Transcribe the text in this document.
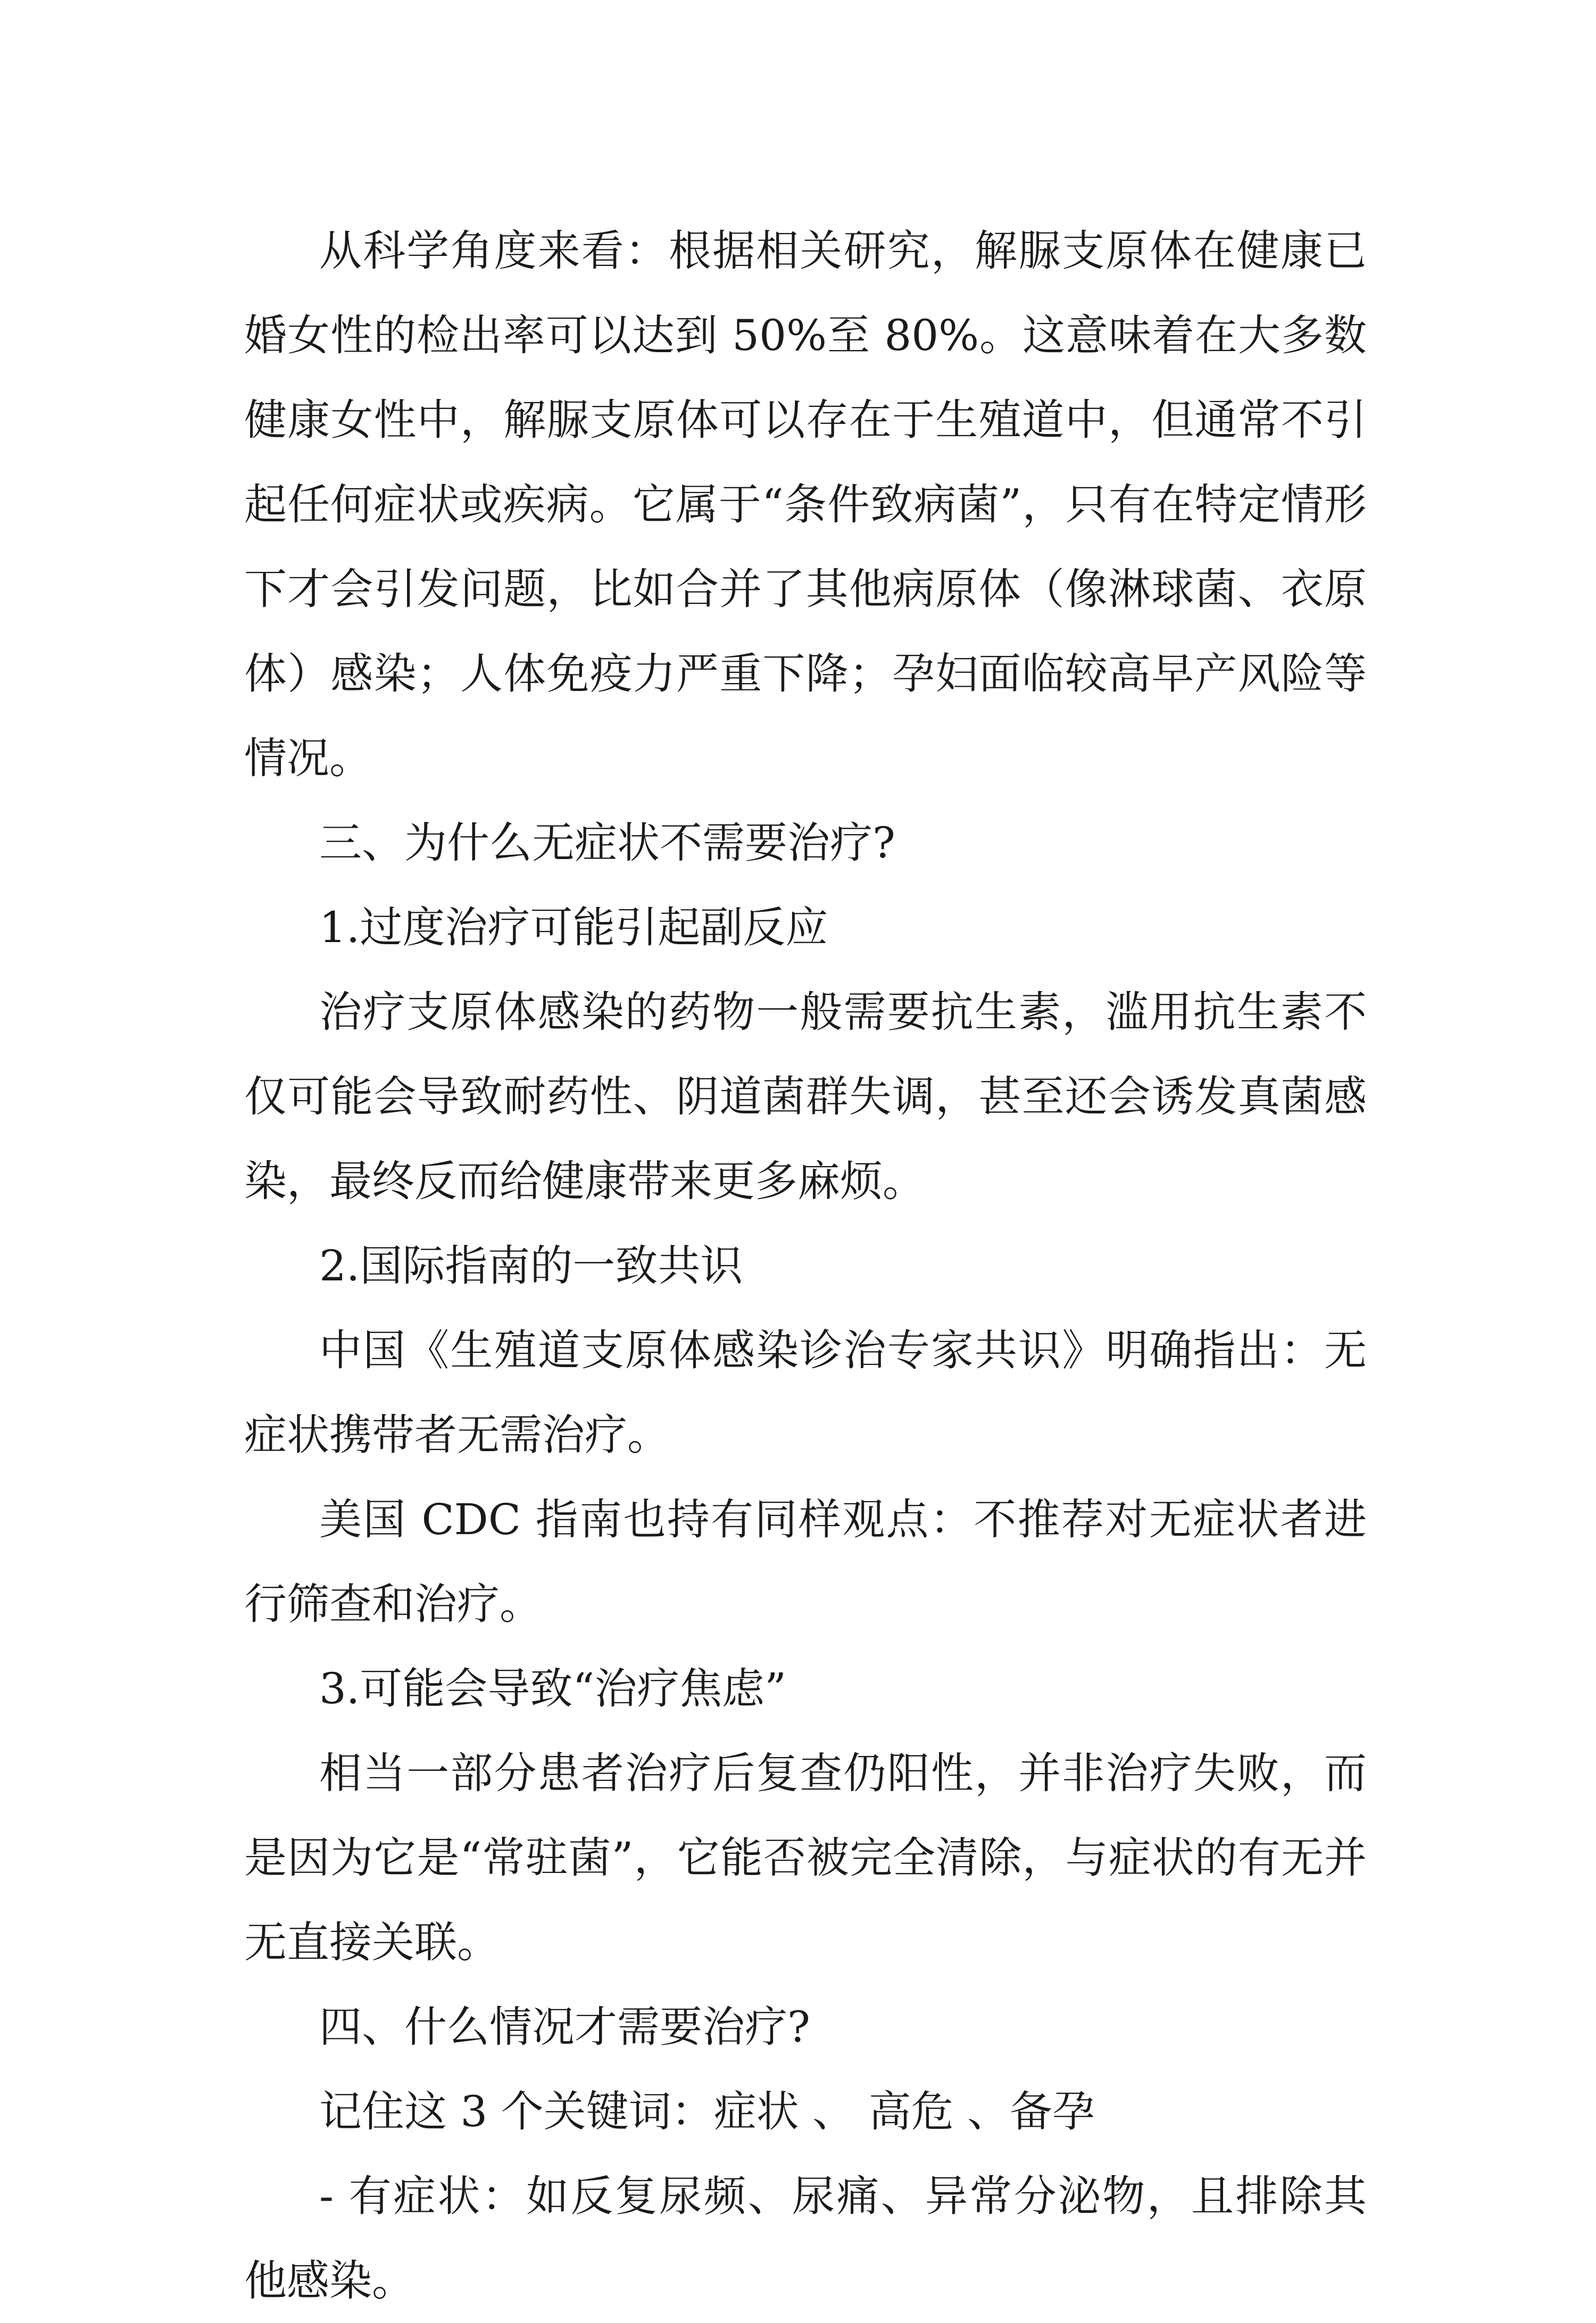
从科学角度来看：根据相关研究，解脲支原体在健康已婚女性的检出率可以达到 50%至 80%。这意味着在大多数健康女性中，解脲支原体可以存在于生殖道中，但通常不引起任何症状或疾病。它属于“条件致病菌”，只有在特定情形下才会引发问题，比如合并了其他病原体（像淋球菌、衣原体）感染；人体免疫力严重下降；孕妇面临较高早产风险等情况。

三、为什么无症状不需要治疗?

1.过度治疗可能引起副反应

治疗支原体感染的药物一般需要抗生素，滥用抗生素不仅可能会导致耐药性、阴道菌群失调，甚至还会诱发真菌感染，最终反而给健康带来更多麻烦。

2.国际指南的一致共识

中国《生殖道支原体感染诊治专家共识》明确指出：无症状携带者无需治疗。

美国 CDC 指南也持有同样观点：不推荐对无症状者进行筛查和治疗。

3.可能会导致“治疗焦虑”

相当一部分患者治疗后复查仍阳性，并非治疗失败，而是因为它是“常驻菌”，它能否被完全清除，与症状的有无并无直接关联。

四、什么情况才需要治疗?

记住这 3 个关键词：症状 、 高危 、备孕

- 有症状：如反复尿频、尿痛、异常分泌物，且排除其他感染。
